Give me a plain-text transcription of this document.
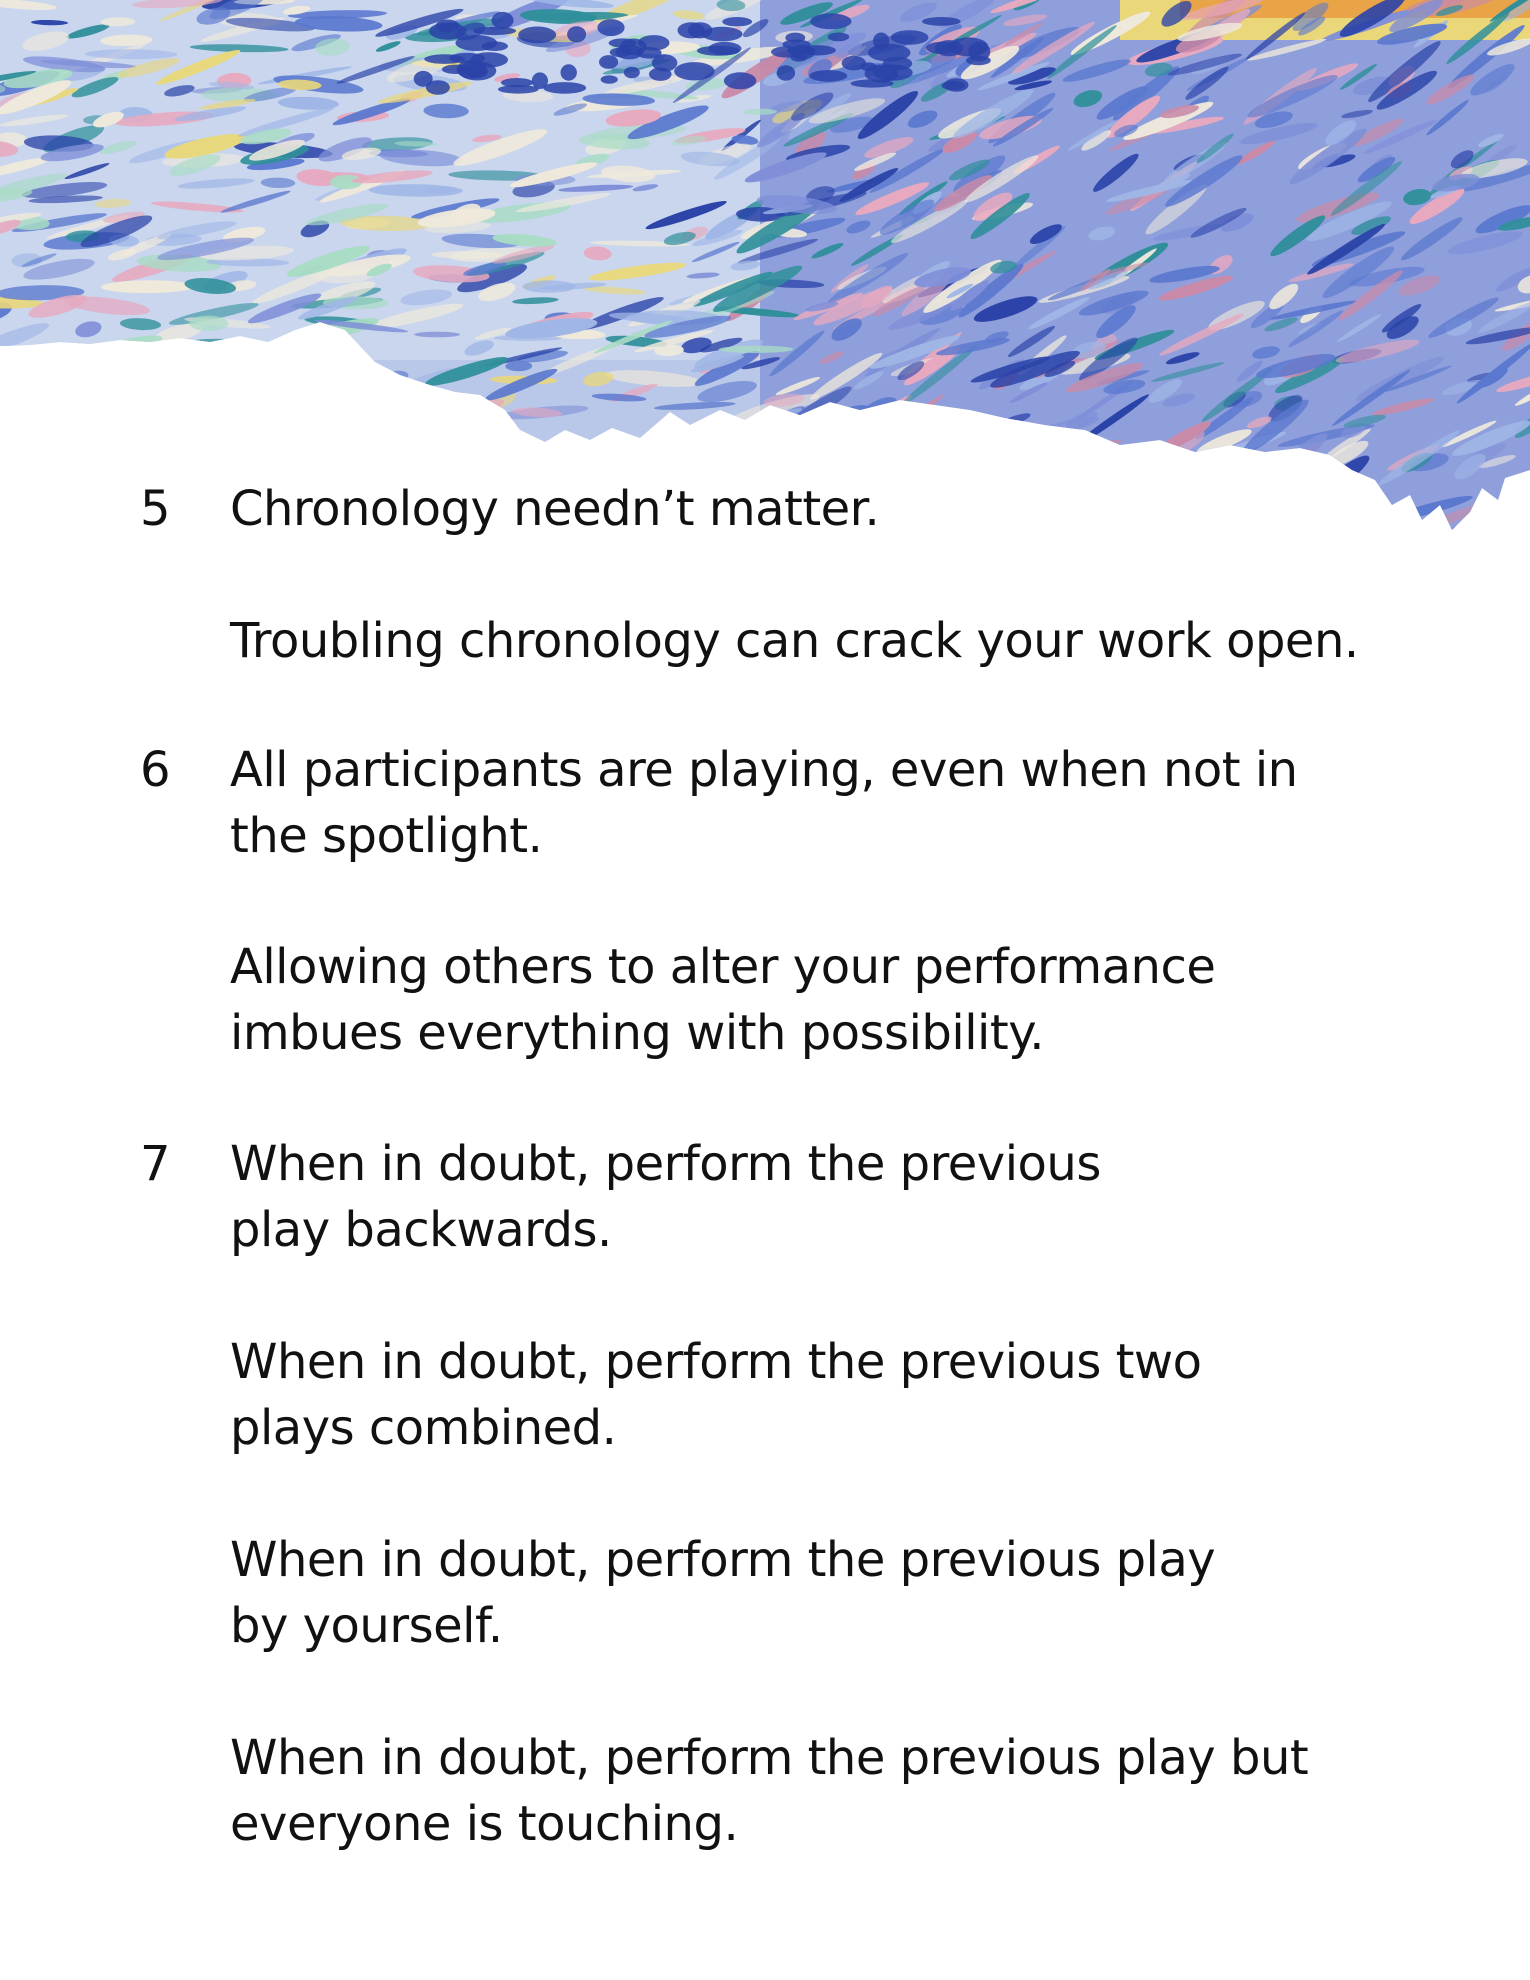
5 Chronology needn’t matter.

Troubling chronology can crack your work open.

6 All participants are playing, even when not in
the spotlight.

Allowing others to alter your performance
imbues everything with possibility.

7 When in doubt, perform the previous
play backwards.

When in doubt, perform the previous two
plays combined.

When in doubt, perform the previous play
by yourself.

When in doubt, perform the previous play but
everyone is touching.
